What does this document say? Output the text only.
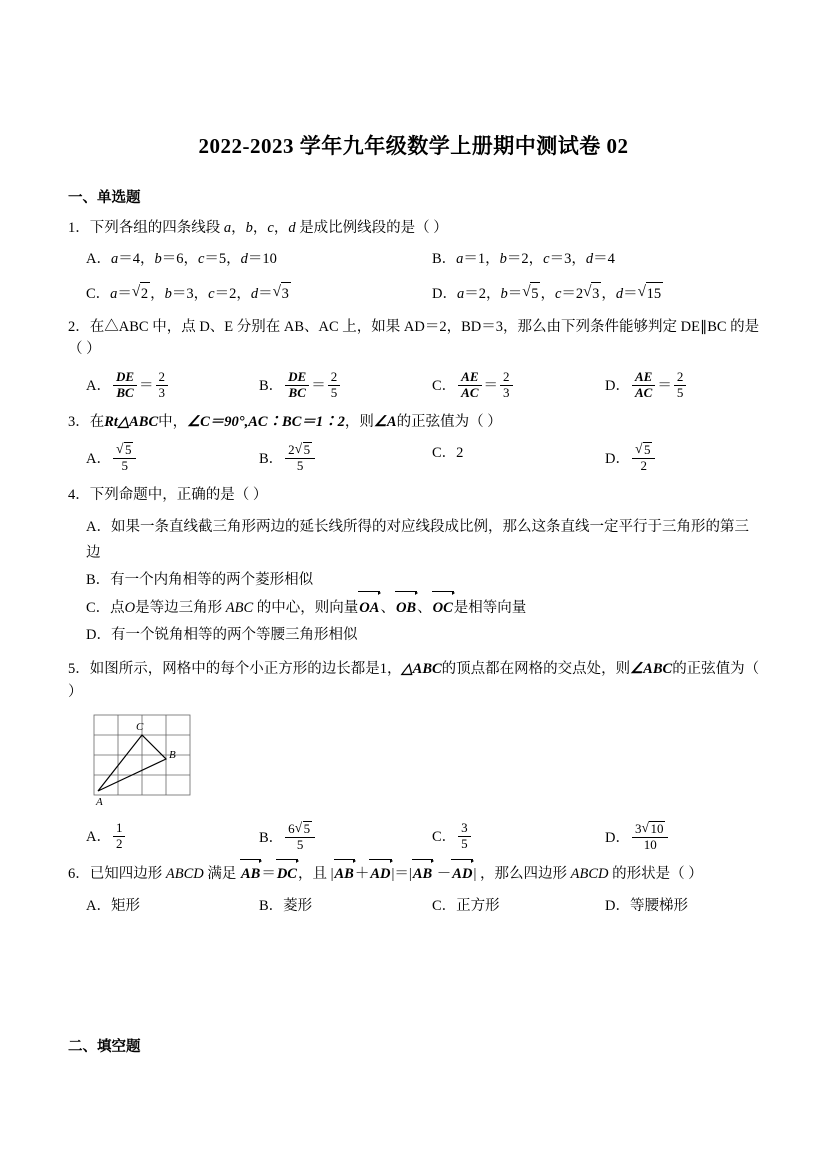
2022-2023 学年九年级数学上册期中测试卷 02
一、单选题
1．下列各组的四条线段 a，b，c，d 是成比例线段的是（ ）
A．a＝4，b＝6，c＝5，d＝10	B．a＝1，b＝2，c＝3，d＝4
C．a＝ √ 2 ，b＝3，c＝2，d＝ √ 3	D．a＝2，b＝ √ 5 ，c＝2 √ 3 ，d＝ √ 15
2．在△ABC 中，点 D、E 分别在 AB、AC 上，如果 AD＝2，BD＝3，那么由下列条件能够判定 DE∥BC 的是（ ）
A． $\frac{DE}{BC} = \frac{2}{3}$	B． $\frac{DE}{BC} = \frac{2}{5}$	C． $\frac{AE}{AC} = \frac{2}{3}$	D． $\frac{AE}{AC} = \frac{2}{5}$
3．在Rt△ABC中，∠C＝90°,AC∶BC＝1∶2，则∠A的正弦值为（ ）
A． √ $\frac{5}{5}$	B． $\frac{2 √ 5}{5}$	C．2	D． √ $\frac{5}{2}$
4．下列命题中，正确的是（ ）
A．如果一条直线截三角形两边的延长线所得的对应线段成比例，那么这条直线一定平行于三角形的第三边
B．有一个内角相等的两个菱形相似
C．点O是等边三角形 ABC 的中心，则向量OA、OB、OC是相等向量
D．有一个锐角相等的两个等腰三角形相似
5．如图所示，网格中的每个小正方形的边长都是1，△ABC的顶点都在网格的交点处，则∠ABC的正弦值为（ ）
C
B
A
A． $\frac{1}{2}$	B． $\frac{6 √ 5}{5}$	C． $\frac{3}{5}$	D． $\frac{3 √ 10}{10}$
6．已知四边形 ABCD 满足 AB＝DC，且 |AB＋AD|＝|AB －AD| ，那么四边形 ABCD 的形状是（ ）
A．矩形	B．菱形	C．正方形	D．等腰梯形
二、填空题
